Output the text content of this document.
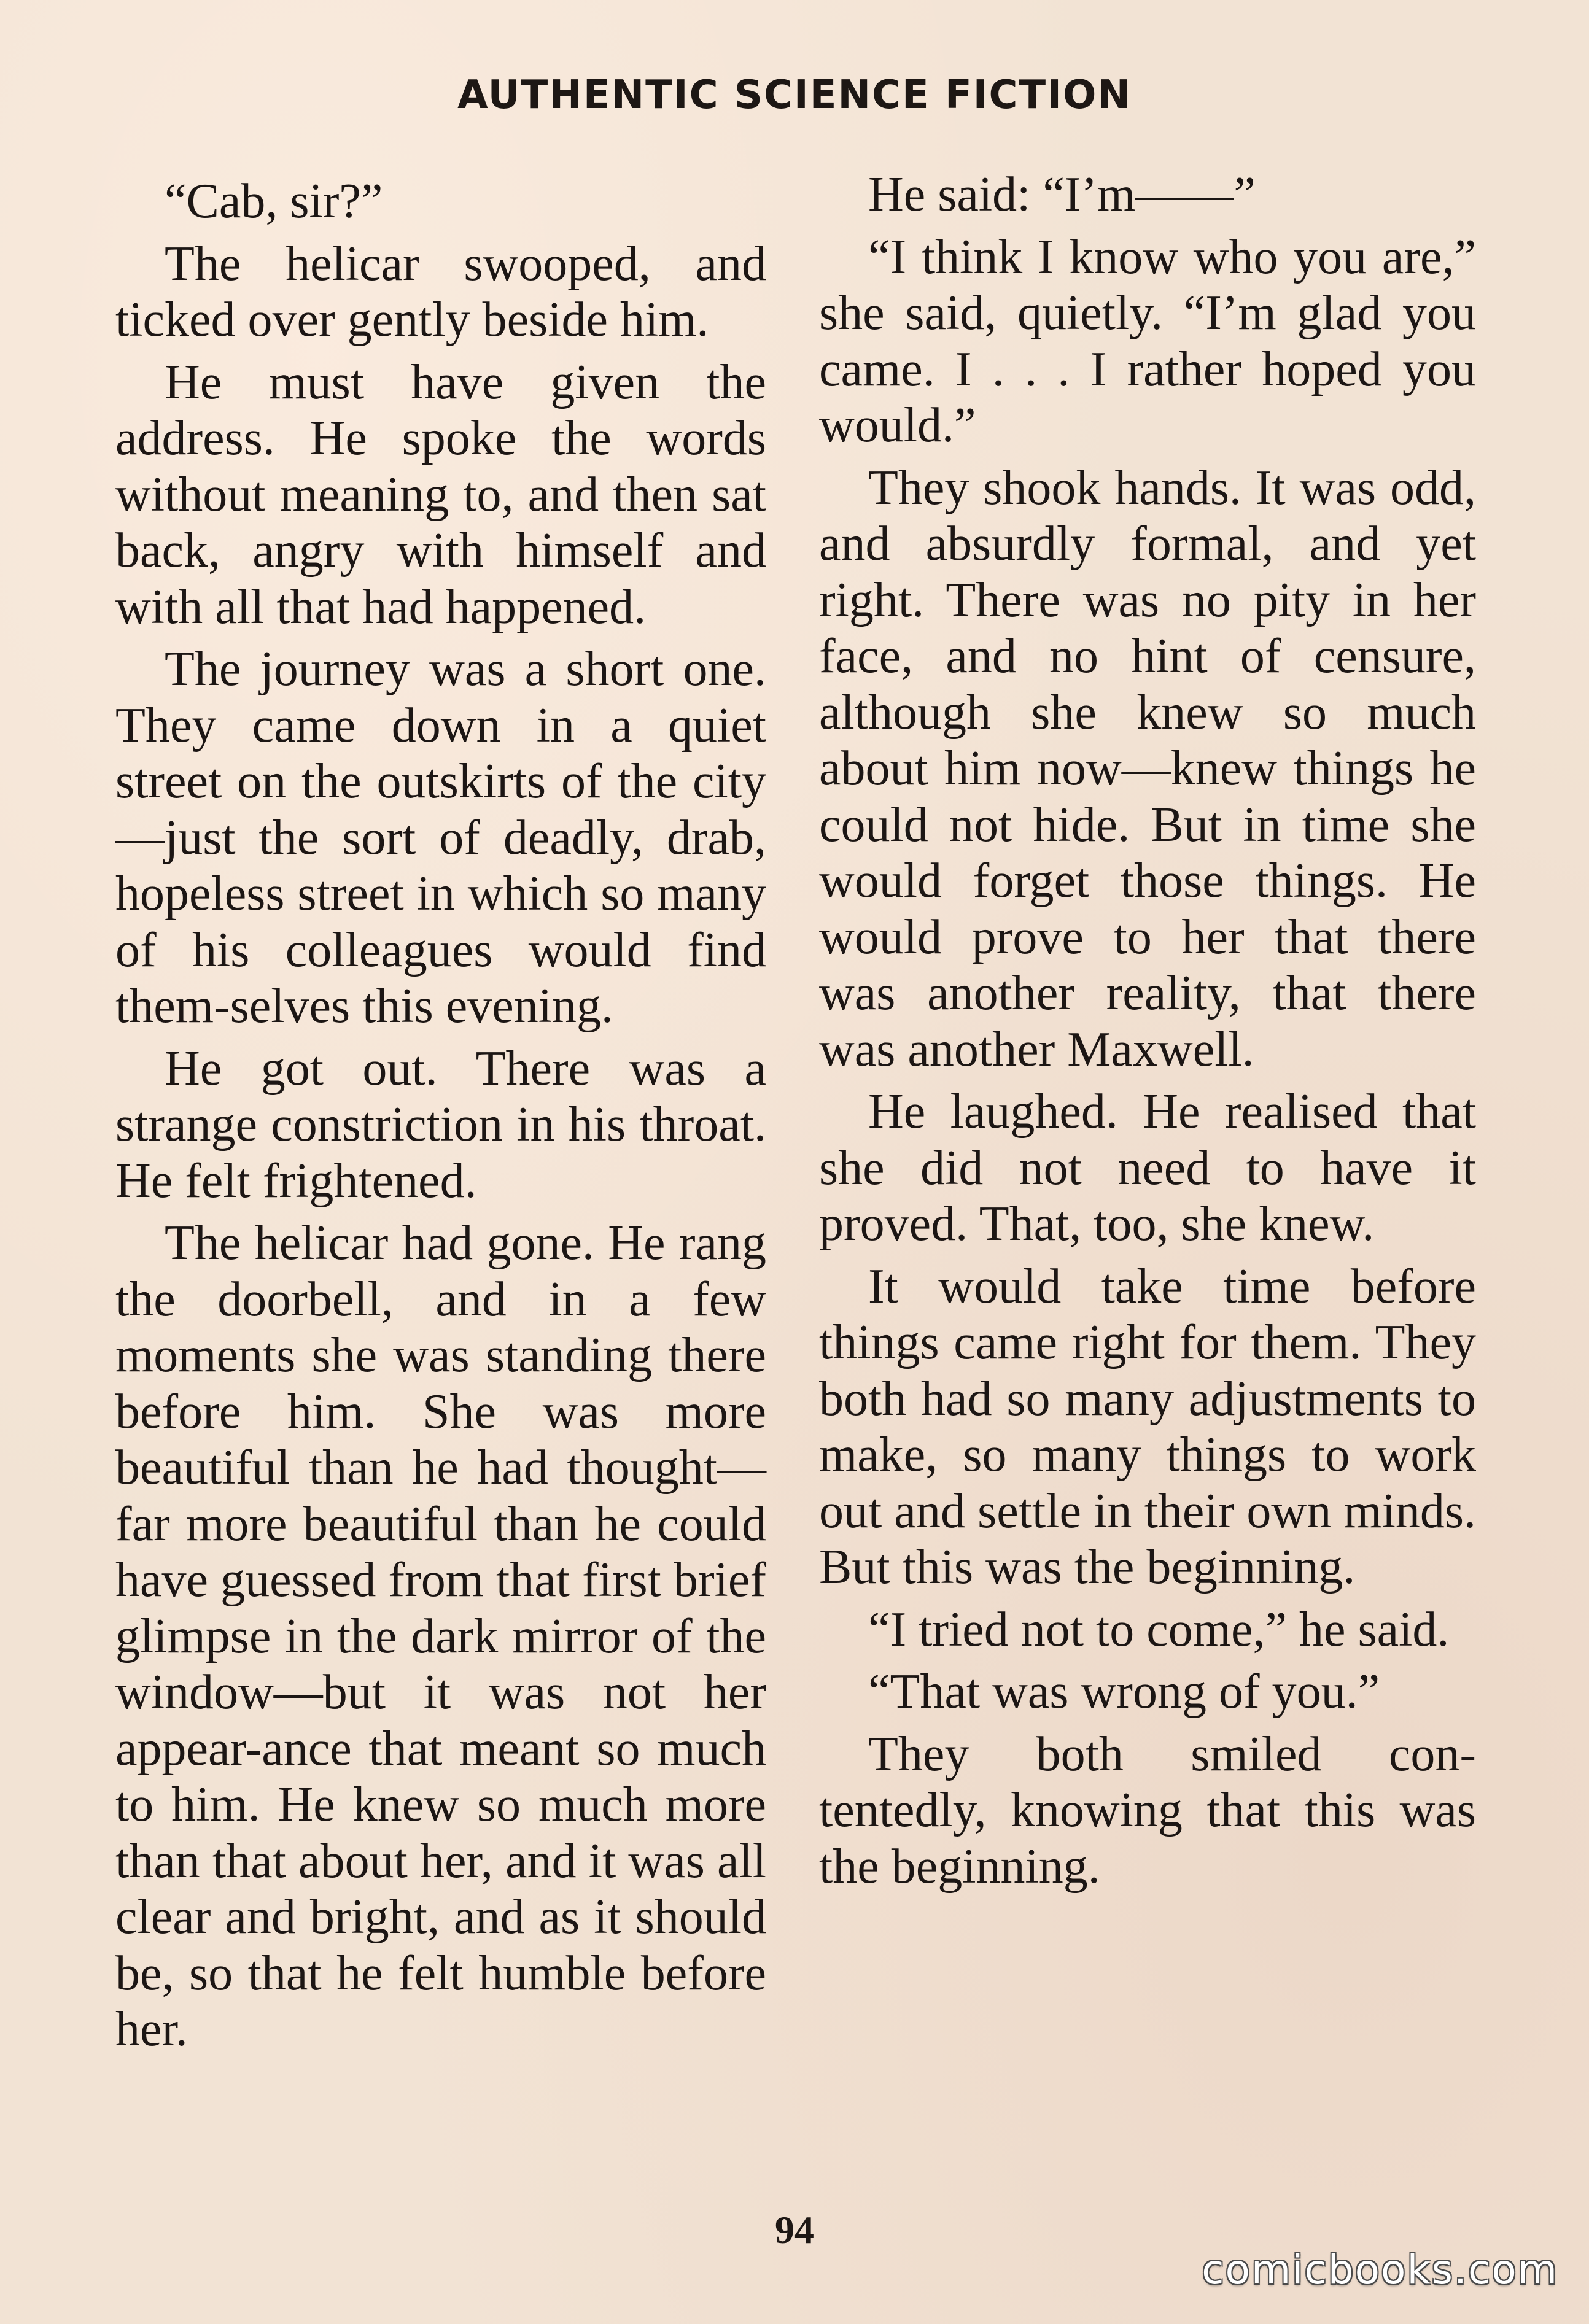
AUTHENTIC SCIENCE FICTION

“Cab, sir?”

The helicar swooped, and ticked over gently beside him.

He must have given the address. He spoke the words without meaning to, and then sat back, angry with himself and with all that had happened.

The journey was a short one. They came down in a quiet street on the outskirts of the city—just the sort of deadly, drab, hopeless street in which so many of his colleagues would find them-selves this evening.

He got out. There was a strange constriction in his throat. He felt frightened.

The helicar had gone. He rang the doorbell, and in a few moments she was standing there before him. She was more beautiful than he had thought—far more beautiful than he could have guessed from that first brief glimpse in the dark mirror of the window—but it was not her appear-ance that meant so much to him. He knew so much more than that about her, and it was all clear and bright, and as it should be, so that he felt humble before her.

He said: “I’m——”

“I think I know who you are,” she said, quietly. “I’m glad you came. I . . . I rather hoped you would.”

They shook hands. It was odd, and absurdly formal, and yet right. There was no pity in her face, and no hint of censure, although she knew so much about him now—knew things he could not hide. But in time she would forget those things. He would prove to her that there was another reality, that there was another Maxwell.

He laughed. He realised that she did not need to have it proved. That, too, she knew.

It would take time before things came right for them. They both had so many adjustments to make, so many things to work out and settle in their own minds. But this was the beginning.

“I tried not to come,” he said.

“That was wrong of you.”

They both smiled con-tentedly, knowing that this was the beginning.

94
comicbooks.com
